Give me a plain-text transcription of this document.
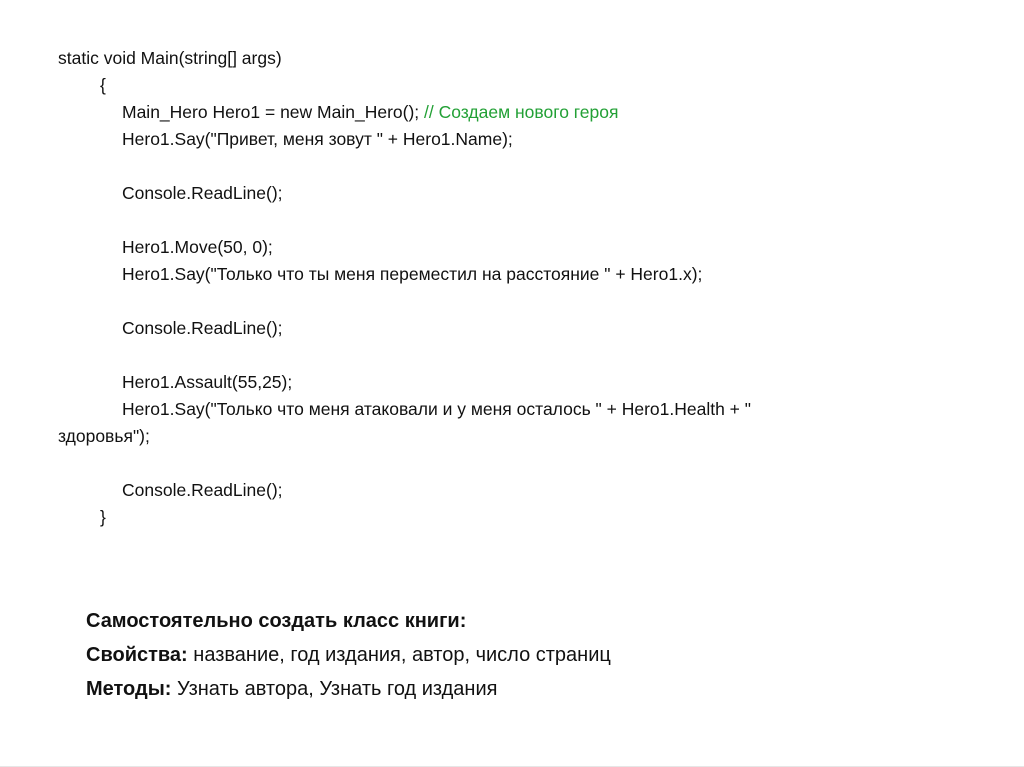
static void Main(string[] args)
{
Main_Hero Hero1 = new Main_Hero(); // Создаем нового героя
Hero1.Say("Привет, меня зовут " + Hero1.Name);
Console.ReadLine();
Hero1.Move(50, 0);
Hero1.Say("Только что ты меня переместил на расстояние " + Hero1.x);
Console.ReadLine();
Hero1.Assault(55,25);
Hero1.Say("Только что меня атаковали и у меня осталось " + Hero1.Health + "
здоровья");
Console.ReadLine();
}
Самостоятельно создать класс книги:
Свойства: название, год издания, автор, число страниц
Методы: Узнать автора, Узнать год издания
